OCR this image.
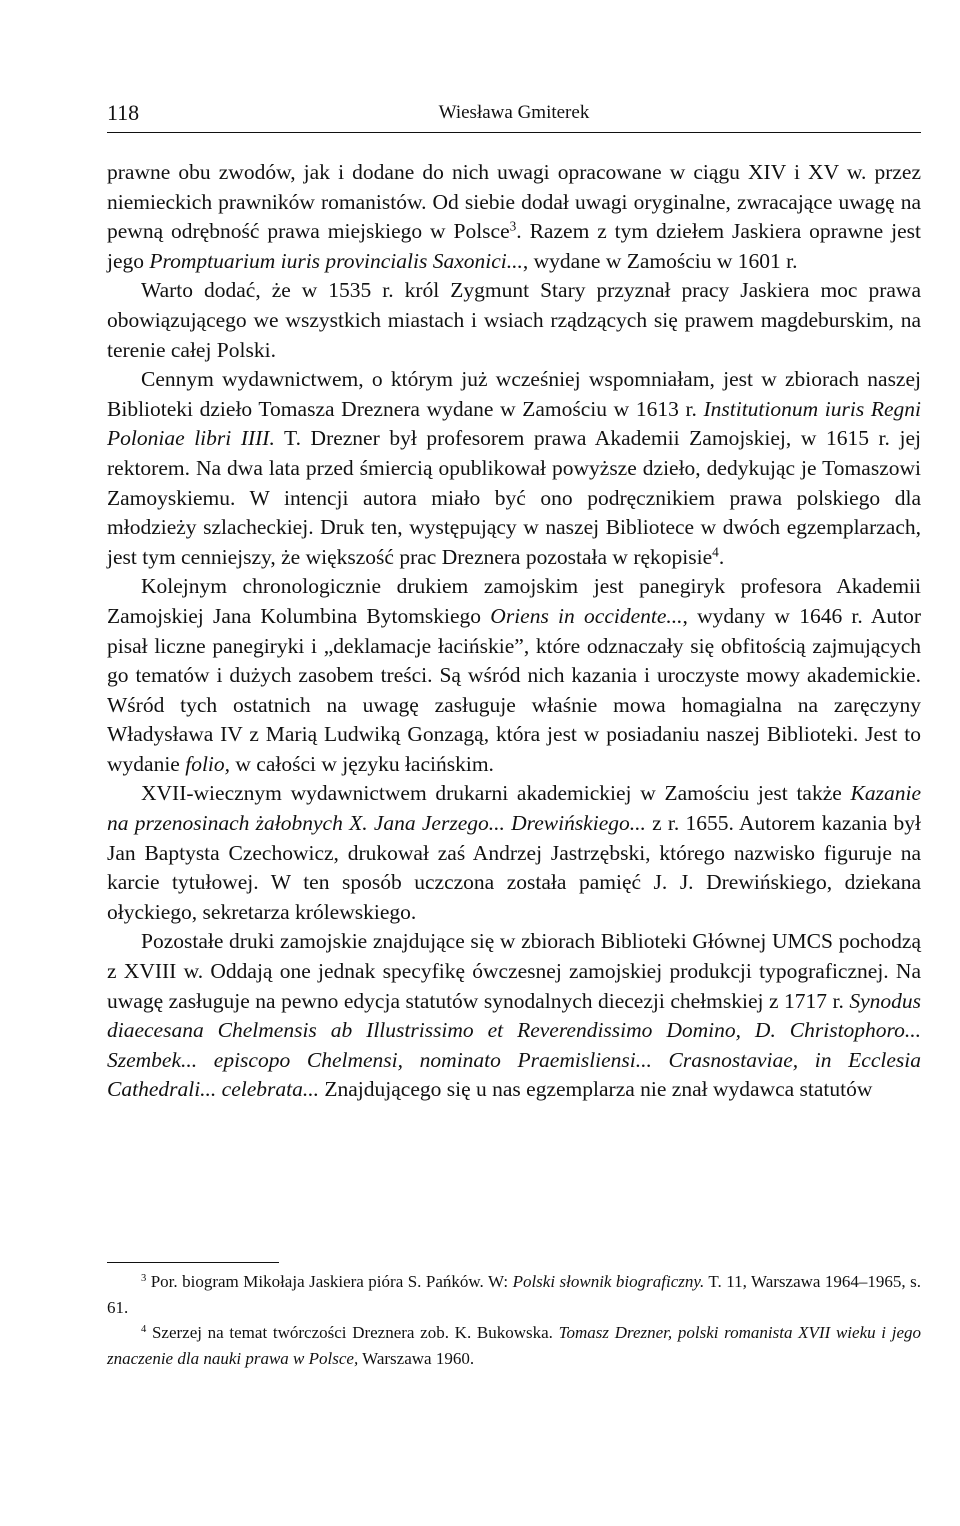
118	Wiesława Gmiterek

prawne obu zwodów, jak i dodane do nich uwagi opracowane w ciągu XIV i XV w. przez niemieckich prawników romanistów. Od siebie dodał uwagi oryginalne, zwracające uwagę na pewną odrębność prawa miejskiego w Polsce$^3$. Razem z tym dziełem Jaskiera oprawne jest jego Promptuarium iuris provincialis Saxonici..., wydane w Zamościu w 1601 r.

Warto dodać, że w 1535 r. król Zygmunt Stary przyznał pracy Jaskiera moc prawa obowiązującego we wszystkich miastach i wsiach rządzących się prawem magdeburskim, na terenie całej Polski.

Cennym wydawnictwem, o którym już wcześniej wspomniałam, jest w zbiorach naszej Biblioteki dzieło Tomasza Dreznera wydane w Zamościu w 1613 r. Institutionum iuris Regni Poloniae libri IIII. T. Drezner był profesorem prawa Akademii Zamojskiej, w 1615 r. jej rektorem. Na dwa lata przed śmiercią opublikował powyższe dzieło, dedykując je Tomaszowi Zamoyskiemu. W intencji autora miało być ono podręcznikiem prawa polskiego dla młodzieży szlacheckiej. Druk ten, występujący w naszej Bibliotece w dwóch egzemplarzach, jest tym cenniejszy, że większość prac Dreznera pozostała w rękopisie$^4$.

Kolejnym chronologicznie drukiem zamojskim jest panegiryk profesora Akademii Zamojskiej Jana Kolumbina Bytomskiego Oriens in occidente..., wydany w 1646 r. Autor pisał liczne panegiryki i „deklamacje łacińskie”, które odznaczały się obfitością zajmujących go tematów i dużych zasobem treści. Są wśród nich kazania i uroczyste mowy akademickie. Wśród tych ostatnich na uwagę zasługuje właśnie mowa homagialna na zaręczyny Władysława IV z Marią Ludwiką Gonzagą, która jest w posiadaniu naszej Biblioteki. Jest to wydanie folio, w całości w języku łacińskim.

XVII-wiecznym wydawnictwem drukarni akademickiej w Zamościu jest także Kazanie na przenosinach żałobnych X. Jana Jerzego... Drewińskiego... z r. 1655. Autorem kazania był Jan Baptysta Czechowicz, drukował zaś Andrzej Jastrzębski, którego nazwisko figuruje na karcie tytułowej. W ten sposób uczczona została pamięć J. J. Drewińskiego, dziekana ołyckiego, sekretarza królewskiego.

Pozostałe druki zamojskie znajdujące się w zbiorach Biblioteki Głównej UMCS pochodzą z XVIII w. Oddają one jednak specyfikę ówczesnej zamojskiej produkcji typograficznej. Na uwagę zasługuje na pewno edycja statutów synodalnych diecezji chełmskiej z 1717 r. Synodus diaecesana Chelmensis ab Illustrissimo et Reverendissimo Domino, D. Christophoro... Szembek... episcopo Chelmensi, nominato Praemisliensi... Crasnostaviae, in Ecclesia Cathedrali... celebrata... Znajdującego się u nas egzemplarza nie znał wydawca statutów

$^3$ Por. biogram Mikołaja Jaskiera pióra S. Pańków. W: Polski słownik biograficzny. T. 11, Warszawa 1964–1965, s. 61.

$^4$ Szerzej na temat twórczości Dreznera zob. K. Bukowska. Tomasz Drezner, polski romanista XVII wieku i jego znaczenie dla nauki prawa w Polsce, Warszawa 1960.
